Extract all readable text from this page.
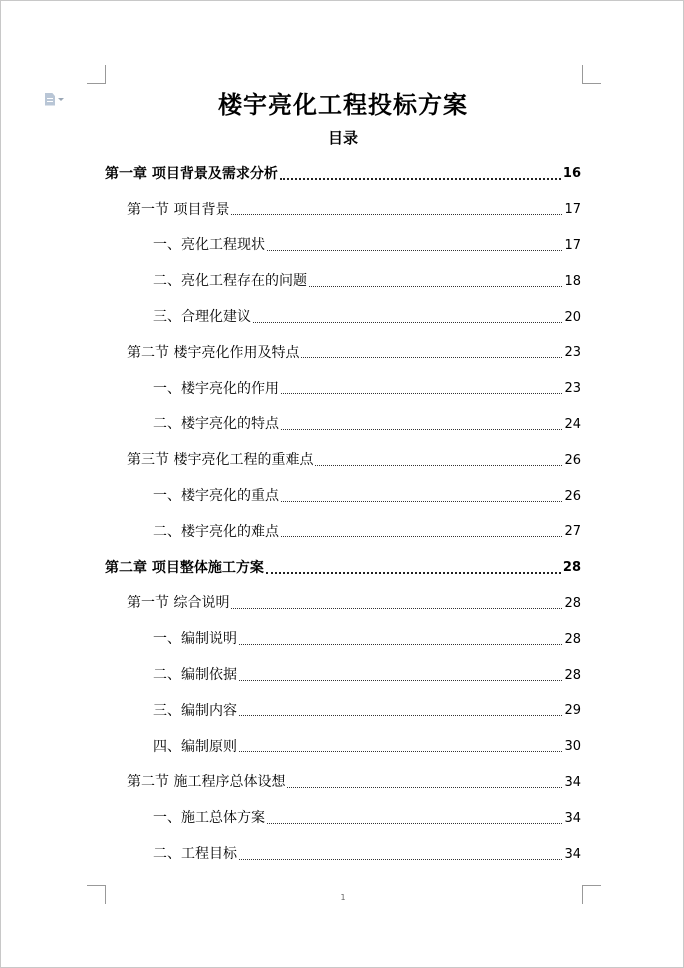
楼宇亮化工程投标方案
目录
第一章 项目背景及需求分析	16
第一节 项目背景	17
一、亮化工程现状	17
二、亮化工程存在的问题	18
三、合理化建议	20
第二节 楼宇亮化作用及特点	23
一、楼宇亮化的作用	23
二、楼宇亮化的特点	24
第三节 楼宇亮化工程的重难点	26
一、楼宇亮化的重点	26
二、楼宇亮化的难点	27
第二章 项目整体施工方案	28
第一节 综合说明	28
一、编制说明	28
二、编制依据	28
三、编制内容	29
四、编制原则	30
第二节 施工程序总体设想	34
一、施工总体方案	34
二、工程目标	34
1
